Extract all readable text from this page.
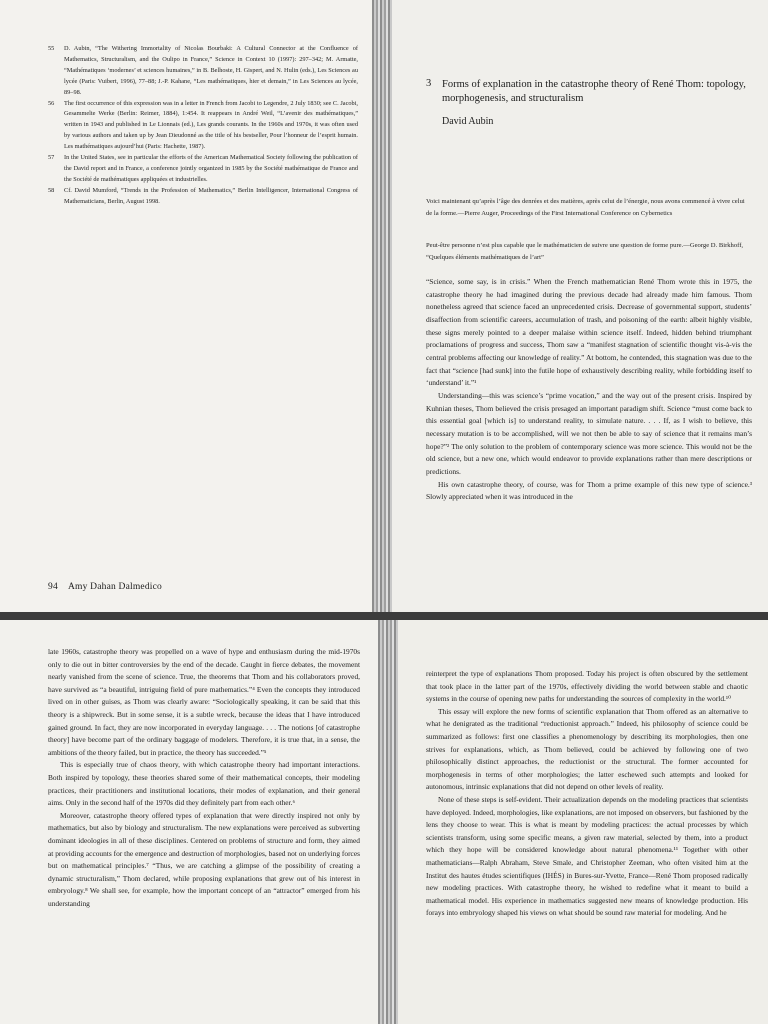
55 D. Aubin, “The Withering Immortality of Nicolas Bourbaki: A Cultural Connector at the Confluence of Mathematics, Structuralism, and the Oulipo in France,” Science in Context 10 (1997): 297–342; M. Armatte, “Mathématiques ‘modernes’ et sciences humaines,” in B. Belhoste, H. Gispert, and N. Hulin (eds.), Les Sciences au lycée (Paris: Vuibert, 1996), 77–88; J.-P. Kahane, “Les mathématiques, hier et demain,” in Les Sciences au lycée, 89–98.
56 The first occurrence of this expression was in a letter in French from Jacobi to Legendre, 2 July 1830; see C. Jacobi, Gesammelte Werke (Berlin: Reimer, 1884), 1:454. It reappears in André Weil, “L’avenir des mathématiques,” written in 1943 and published in Le Lionnais (ed.), Les grands courants. In the 1960s and 1970s, it was often used by various authors and taken up by Jean Dieudonné as the title of his bestseller, Pour l’honneur de l’esprit humain. Les mathématiques aujourd’hui (Paris: Hachette, 1987).
57 In the United States, see in particular the efforts of the American Mathematical Society following the publication of the David report and in France, a conference jointly organized in 1985 by the Société mathématique de France and the Société de mathématiques appliquées et industrielles.
58 Cf. David Mumford, “Trends in the Profession of Mathematics,” Berlin Intelligencer, International Congress of Mathematicians, Berlin, August 1998.
94 Amy Dahan Dalmedico
3 Forms of explanation in the catastrophe theory of René Thom: topology, morphogenesis, and structuralism
David Aubin
Voici maintenant qu’après l’âge des denrées et des matières, après celui de l’énergie, nous avons commencé à vivre celui de la forme.—Pierre Auger, Proceedings of the First International Conference on Cybernetics
Peut-être personne n’est plus capable que le mathématicien de suivre une question de forme pure.—George D. Birkhoff, “Quelques éléments mathématiques de l’art”

“Science, some say, is in crisis.” When the French mathematician René Thom wrote this in 1975, the catastrophe theory he had imagined during the previous decade had already made him famous. Thom nonetheless agreed that science faced an unprecedented crisis. Decrease of governmental support, students’ disaffection from scientific careers, accumulation of trash, and poisoning of the earth: albeit highly visible, these signs merely pointed to a deeper malaise within science itself. Indeed, hidden behind triumphant proclamations of progress and success, Thom saw a “manifest stagnation of scientific thought vis-à-vis the central problems affecting our knowledge of reality.” At bottom, he contended, this stagnation was due to the fact that “science [had sunk] into the futile hope of exhaustively describing reality, while forbidding itself to ‘understand’ it.”¹

Understanding—this was science’s “prime vocation,” and the way out of the present crisis. Inspired by Kuhnian theses, Thom believed the crisis presaged an important paradigm shift. Science “must come back to this essential goal [which is] to understand reality, to simulate nature. . . . If, as I wish to believe, this necessary mutation is to be accomplished, will we not then be able to say of science that it remains man’s hope?”² The only solution to the problem of contemporary science was more science. This would not be the old science, but a new one, which would endeavor to provide explanations rather than mere descriptions or predictions.

His own catastrophe theory, of course, was for Thom a prime example of this new type of science.³ Slowly appreciated when it was introduced in the

late 1960s, catastrophe theory was propelled on a wave of hype and enthusiasm during the mid-1970s only to die out in bitter controversies by the end of the decade. Caught in fierce debates, the movement nearly vanished from the scene of science. True, the theorems that Thom and his collaborators proved, have survived as “a beautiful, intriguing field of pure mathematics.”⁴ Even the concepts they introduced lived on in other guises, as Thom was clearly aware: “Sociologically speaking, it can be said that this theory is a shipwreck. But in some sense, it is a subtle wreck, because the ideas that I have introduced gained ground. In fact, they are now incorporated in everyday language. . . . The notions [of catastrophe theory] have become part of the ordinary baggage of modelers. Therefore, it is true that, in a sense, the ambitions of the theory failed, but in practice, the theory has succeeded.”⁵

This is especially true of chaos theory, with which catastrophe theory had important interactions. Both inspired by topology, these theories shared some of their mathematical concepts, their modeling practices, their practitioners and institutional locations, their modes of explanation, and their general aims. Only in the second half of the 1970s did they definitely part from each other.⁶

Moreover, catastrophe theory offered types of explanation that were directly inspired not only by mathematics, but also by biology and structuralism. The new explanations were perceived as subverting dominant ideologies in all of these disciplines. Centered on problems of structure and form, they aimed at providing accounts for the emergence and destruction of morphologies, based not on underlying forces but on mathematical principles.⁷ “Thus, we are catching a glimpse of the possibility of creating a dynamic structuralism,” Thom declared, while proposing explanations that grew out of his interest in embryology.⁸ We shall see, for example, how the important concept of an “attractor” emerged from his understanding

reinterpret the type of explanations Thom proposed. Today his project is often obscured by the settlement that took place in the latter part of the 1970s, effectively dividing the world between stable and chaotic systems in the course of opening new paths for understanding the sources of complexity in the world.¹⁰

This essay will explore the new forms of scientific explanation that Thom offered as an alternative to what he denigrated as the traditional “reductionist approach.” Indeed, his philosophy of science could be summarized as follows: first one classifies a phenomenology by describing its morphologies, then one strives for explanations, which, as Thom believed, could be achieved by following one of two philosophically distinct approaches, the reductionist or the structural. The former accounted for morphogenesis in terms of other morphologies; the latter eschewed such attempts and looked for autonomous, intrinsic explanations that did not depend on other levels of reality.

None of these steps is self-evident. Their actualization depends on the modeling practices that scientists have deployed. Indeed, morphologies, like explanations, are not imposed on observers, but fashioned by the lens they choose to wear. This is what is meant by modeling practices: the actual processes by which scientists transform, using some specific means, a given raw material, selected by them, into a product which they hope will be considered knowledge about natural phenomena.¹¹ Together with other mathematicians—Ralph Abraham, Steve Smale, and Christopher Zeeman, who often visited him at the Institut des hautes études scientifiques (IHÉS) in Bures-sur-Yvette, France—René Thom proposed radically new modeling practices. With catastrophe theory, he wished to redefine what it meant to build a mathematical model. His experience in mathematics suggested new means of knowledge production. His forays into embryology shaped his views on what should be sound raw material for modeling. And he
